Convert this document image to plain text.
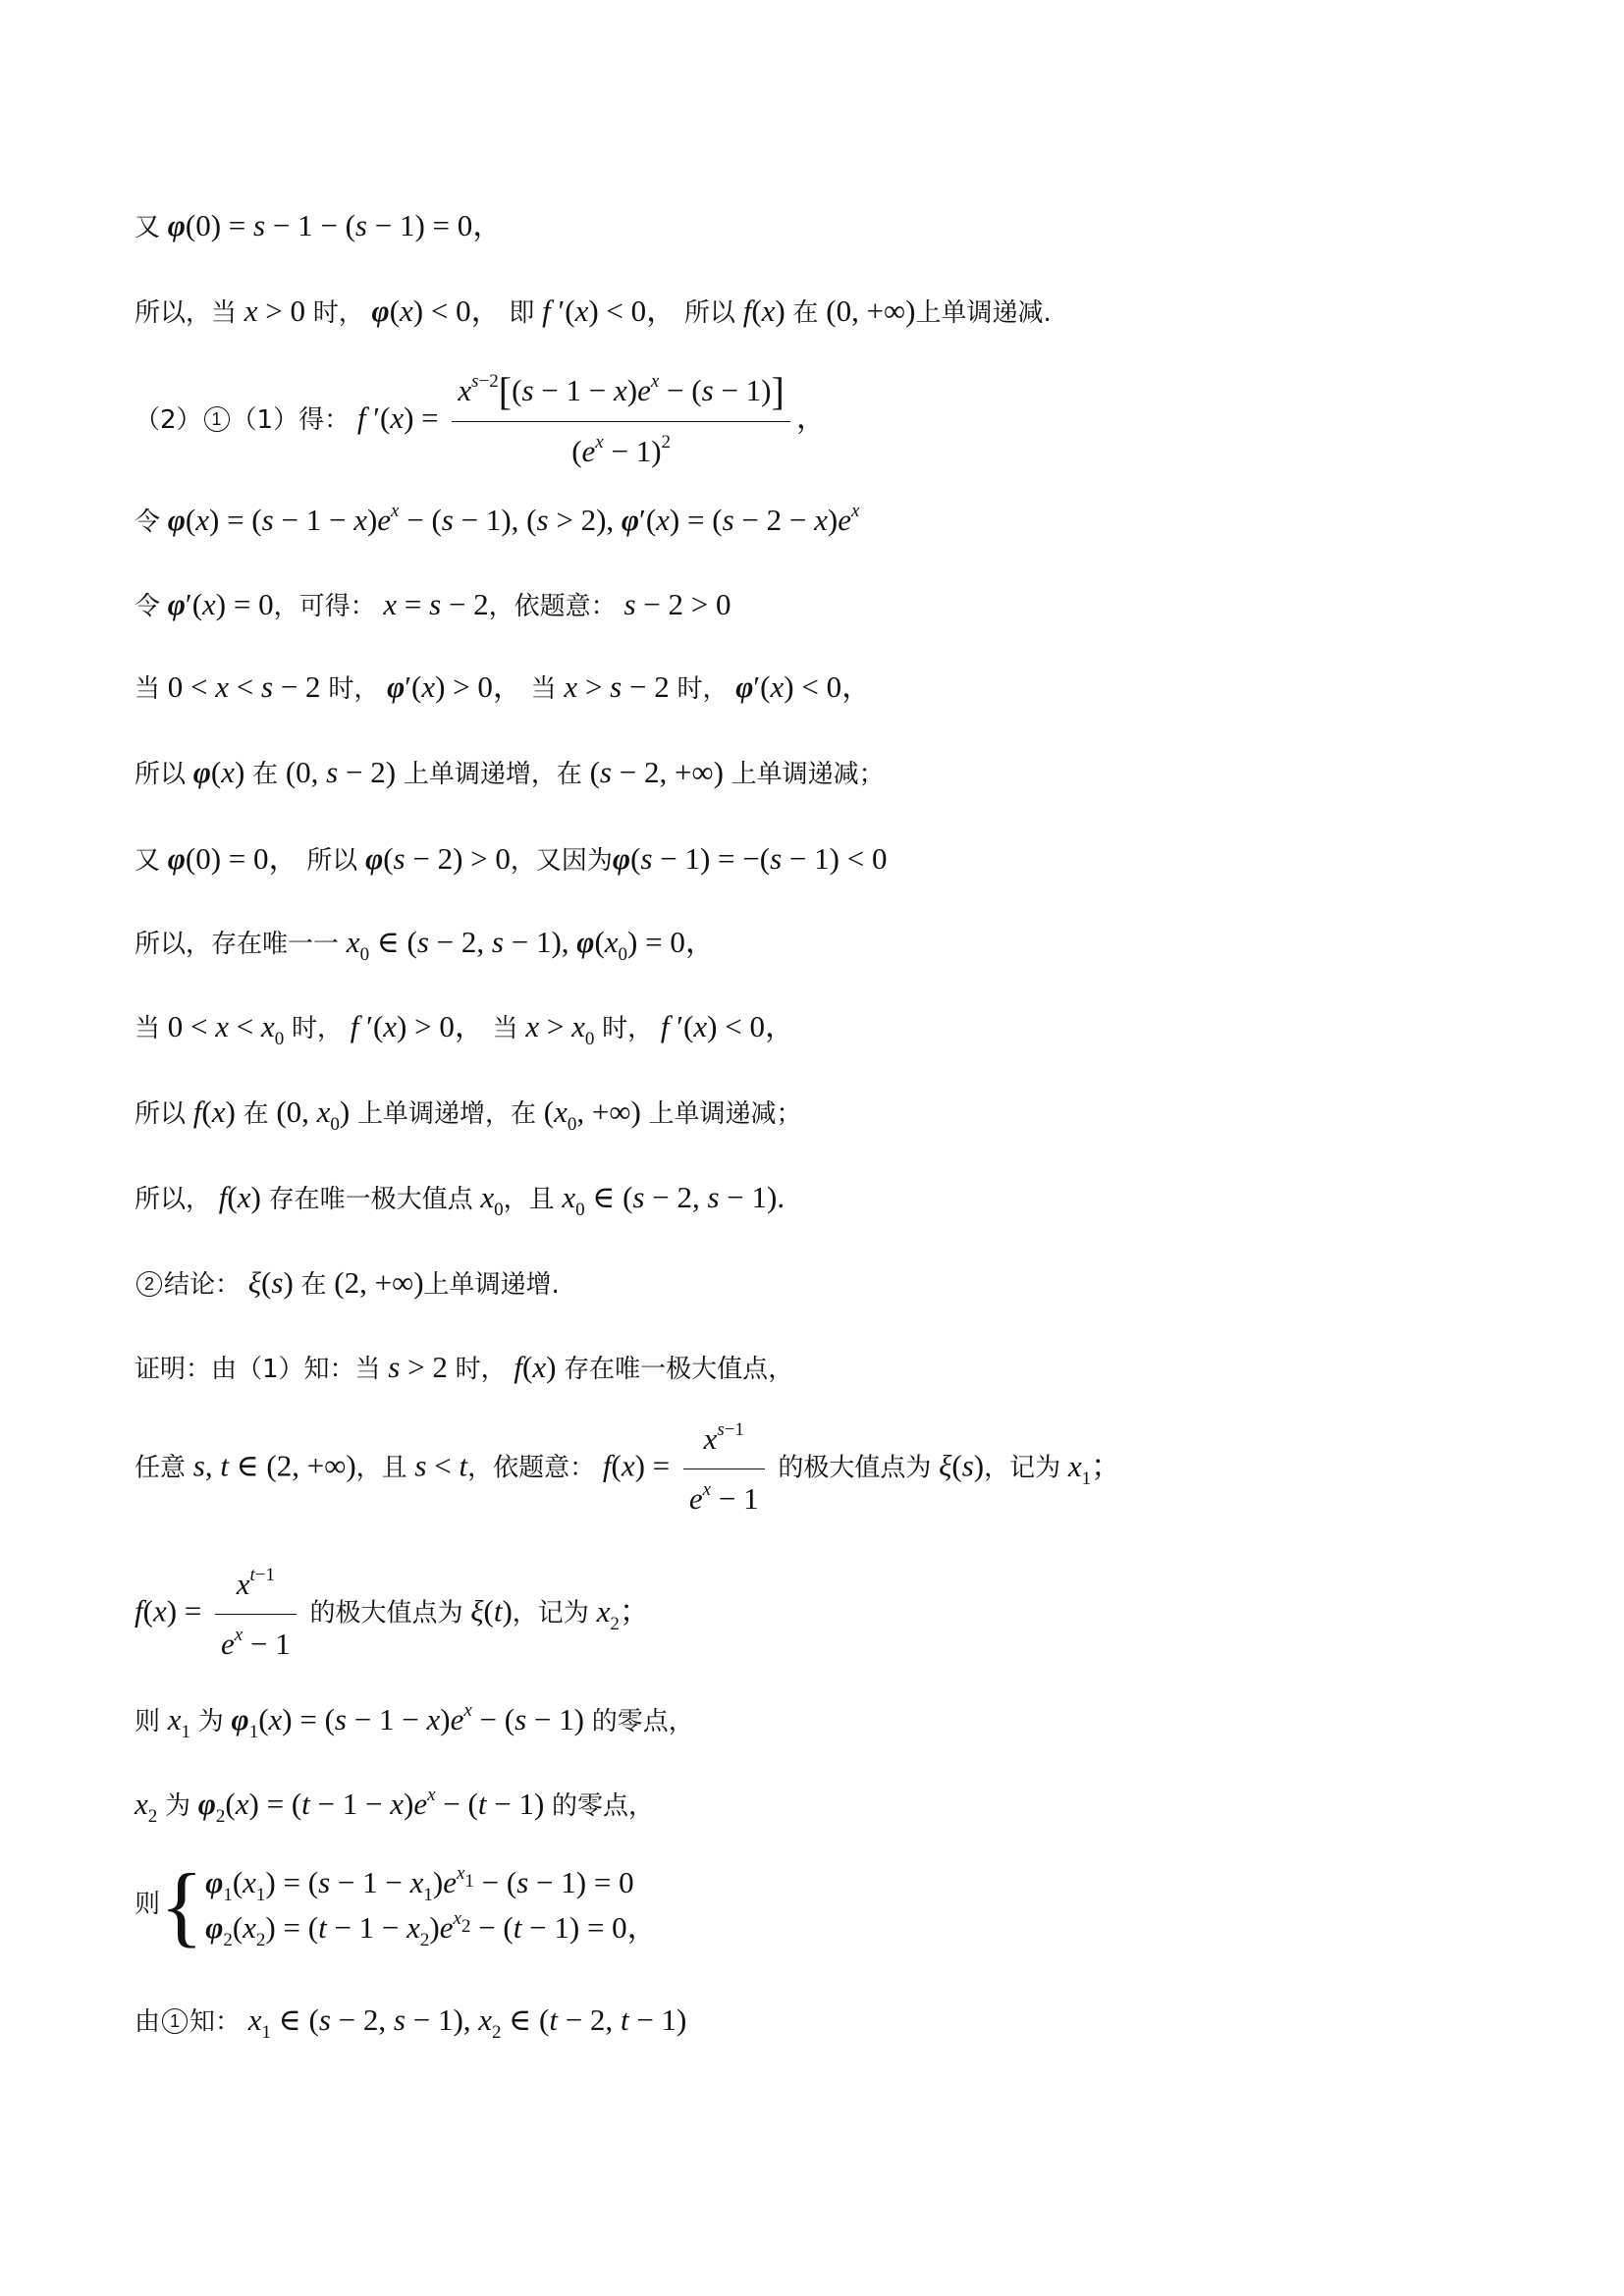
又 φ(0) = s − 1 − (s − 1) = 0，
所以，当 x > 0 时， φ(x) < 0， 即 f ′(x) < 0， 所以 f(x) 在 (0, +∞)上单调递减.
（2） 1 （1）得： f $'(x) = \frac{x^{s-2}[(s - 1 - x)e^x - (s - 1)]}{(e^x - 1)^2}$ ，
令 $\varphi(x) = (s - 1 - x)e^x - (s - 1)$, (s > 2), $\varphi'(x) = (s - 2 - x)e^x$
令 φ′(x) = 0，可得： x = s − 2，依题意： s − 2 > 0
当 0 < x < s − 2 时， φ′(x) > 0， 当 x > s − 2 时， φ′(x) < 0，
所以 φ(x) 在 (0, s − 2) 上单调递增，在 (s − 2, +∞) 上单调递减；
又 φ(0) = 0， 所以 φ(s − 2) > 0，又因为φ(s − 1) = −(s − 1) < 0
所以，存在唯一一 $x_0$ ∈ (s − 2, s − 1), $\varphi(x_0) = 0$，
当 $0 < x < x_0$ 时， f ′(x) > 0， 当 $x > x_0$ 时， f ′(x) < 0，
所以 f(x) 在 (0, $x_0$) 上单调递增，在 ($x_0$, +∞) 上单调递减；
所以， f(x) 存在唯一极大值点 $x_0$，且 $x_0$ ∈ (s − 2, s − 1).
2 结论： ξ(s) 在 (2, +∞)上单调递增.
证明：由（1）知：当 s > 2 时， f(x) 存在唯一极大值点，
任意 s, t ∈ (2, +∞)，且 s < t，依题意： $f(x) = \frac{x^{s-1}}{e^x - 1}$ 的极大值点为 ξ(s)，记为 $x_1$；
$f(x) = \frac{x^{t-1}}{e^x - 1}$ 的极大值点为 ξ(t)，记为 $x_2$；
则 $x_1$ 为 $\varphi_1(x) = (s - 1 - x)e^x - (s - 1)$ 的零点，
$x_2$ 为 $\varphi_2(x) = (t - 1 - x)e^x - (t - 1)$ 的零点，
则{ $\varphi_1(x_1) = (s - 1 - x_1)e^{x_1} - (s - 1) = 0$
$\varphi_2(x_2) = (t - 1 - x_2)e^{x_2} - (t - 1) = 0$，
由 1 知： $x_1$ ∈ (s − 2, s − 1), $x_2$ ∈ (t − 2, t − 1)
